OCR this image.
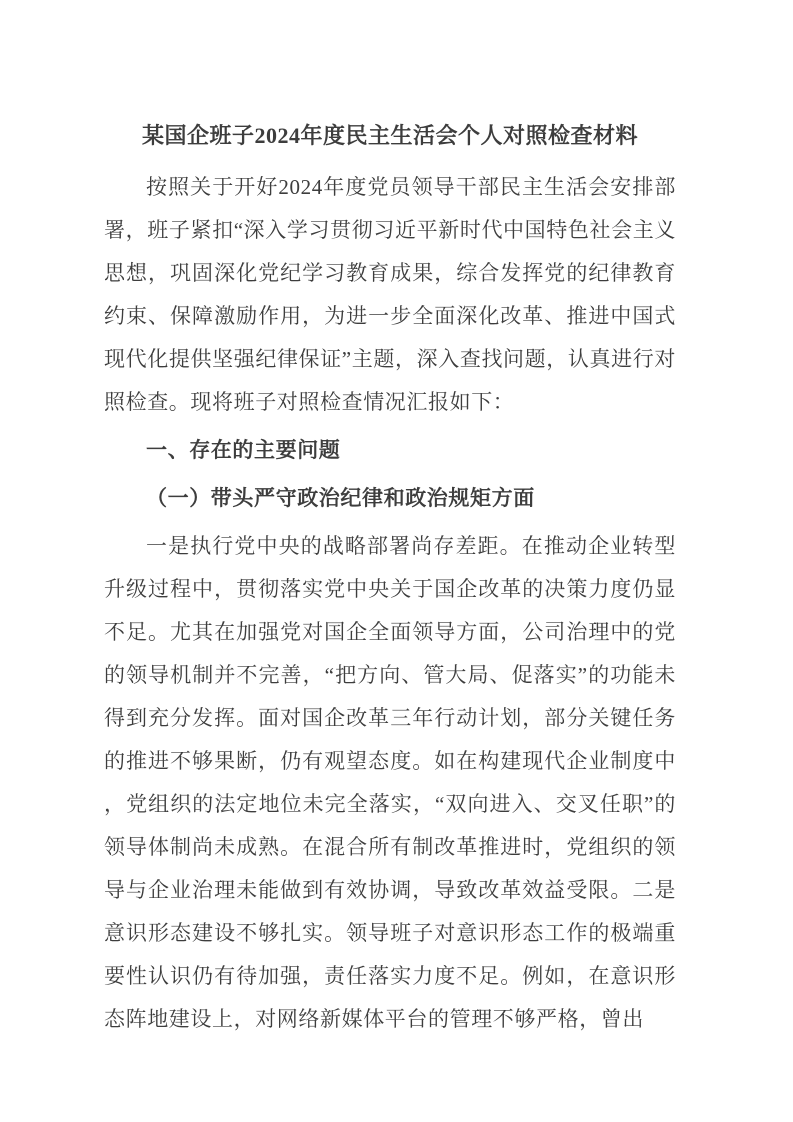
某国企班子2024年度民主生活会个人对照检查材料

按照关于开好2024年度党员领导干部民主生活会安排部署，班子紧扣“深入学习贯彻习近平新时代中国特色社会主义思想，巩固深化党纪学习教育成果，综合发挥党的纪律教育约束、保障激励作用，为进一步全面深化改革、推进中国式现代化提供坚强纪律保证”主题，深入查找问题，认真进行对照检查。现将班子对照检查情况汇报如下：

一、存在的主要问题

（一）带头严守政治纪律和政治规矩方面

一是执行党中央的战略部署尚存差距。在推动企业转型升级过程中，贯彻落实党中央关于国企改革的决策力度仍显不足。尤其在加强党对国企全面领导方面，公司治理中的党的领导机制并不完善，“把方向、管大局、促落实”的功能未得到充分发挥。面对国企改革三年行动计划，部分关键任务的推进不够果断，仍有观望态度。如在构建现代企业制度中，党组织的法定地位未完全落实，“双向进入、交叉任职”的领导体制尚未成熟。在混合所有制改革推进时，党组织的领导与企业治理未能做到有效协调，导致改革效益受限。二是意识形态建设不够扎实。领导班子对意识形态工作的极端重要性认识仍有待加强，责任落实力度不足。例如，在意识形态阵地建设上，对网络新媒体平台的管理不够严格，曾出
